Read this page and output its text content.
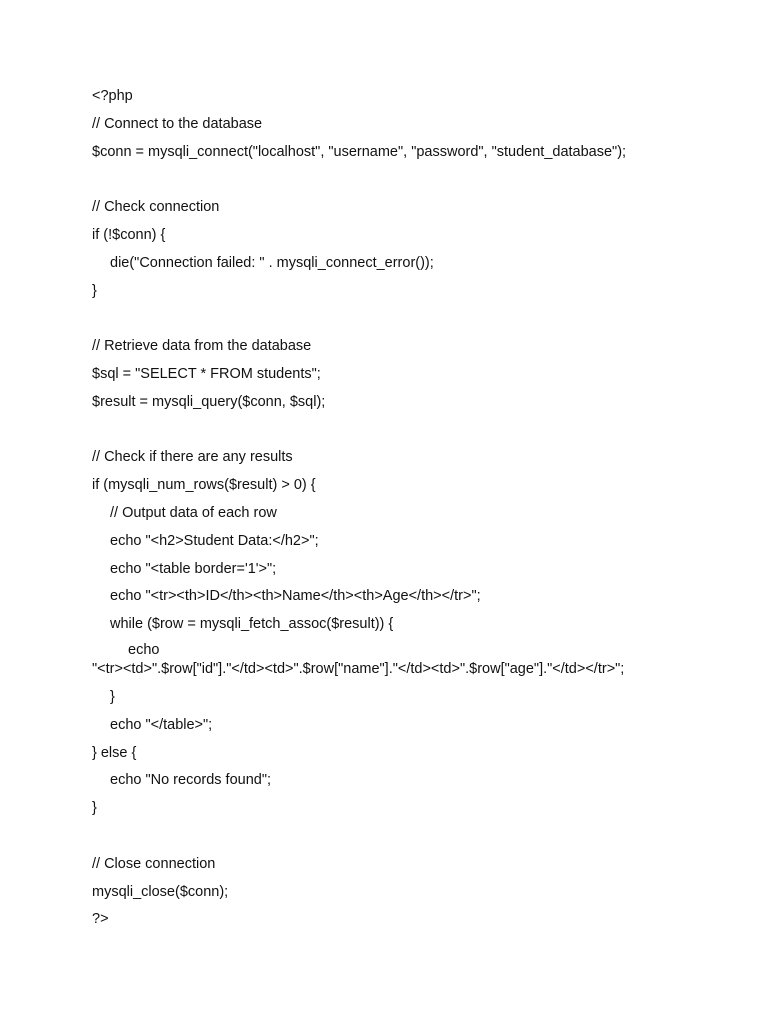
<?php
// Connect to the database
$conn = mysqli_connect("localhost", "username", "password", "student_database");
// Check connection
if (!$conn) {
die("Connection failed: " . mysqli_connect_error());
}
// Retrieve data from the database
$sql = "SELECT * FROM students";
$result = mysqli_query($conn, $sql);
// Check if there are any results
if (mysqli_num_rows($result) > 0) {
// Output data of each row
echo "<h2>Student Data:</h2>";
echo "<table border='1'>";
echo "<tr><th>ID</th><th>Name</th><th>Age</th></tr>";
while ($row = mysqli_fetch_assoc($result)) {
echo
"<tr><td>".$row["id"]."</td><td>".$row["name"]."</td><td>".$row["age"]."</td></tr>";
}
echo "</table>";
} else {
echo "No records found";
}
// Close connection
mysqli_close($conn);
?>
